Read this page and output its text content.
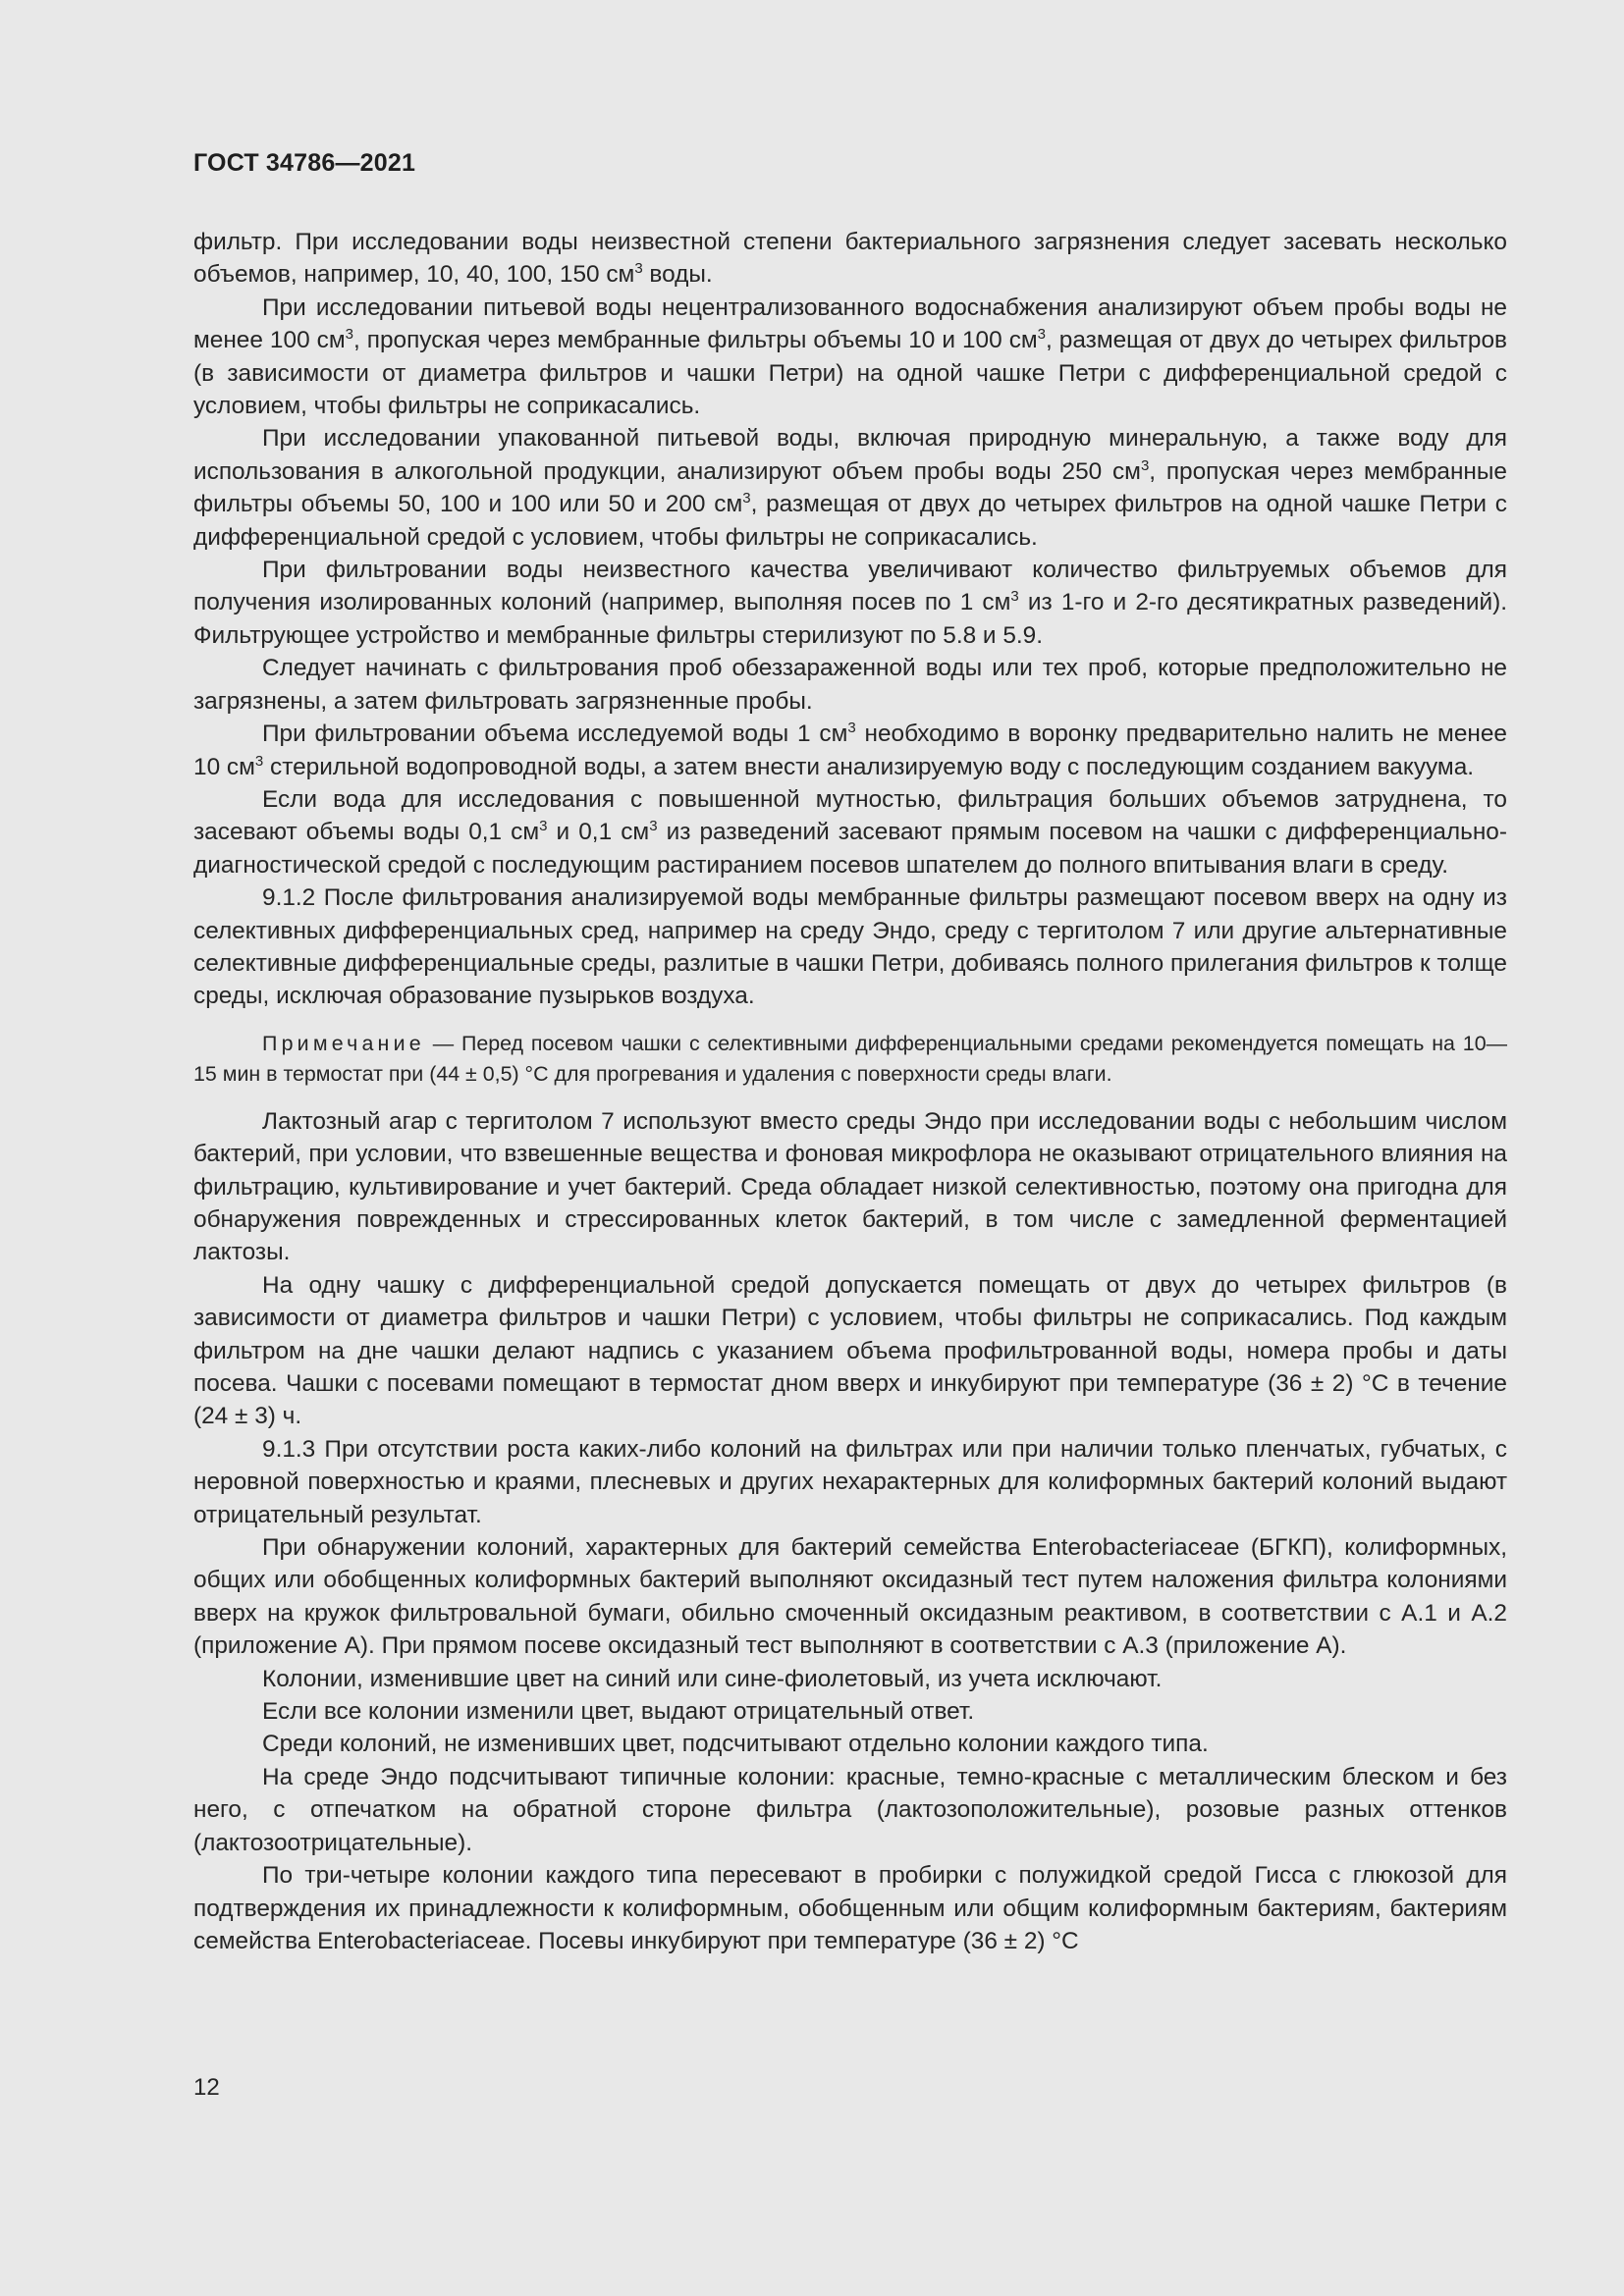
ГОСТ 34786—2021

фильтр. При исследовании воды неизвестной степени бактериального загрязнения следует засевать несколько объемов, например, 10, 40, 100, 150 $см^3$ воды.

При исследовании питьевой воды нецентрализованного водоснабжения анализируют объем пробы воды не менее 100 $см^3$, пропуская через мембранные фильтры объемы 10 и 100 $см^3$, размещая от двух до четырех фильтров (в зависимости от диаметра фильтров и чашки Петри) на одной чашке Петри с дифференциальной средой с условием, чтобы фильтры не соприкасались.

При исследовании упакованной питьевой воды, включая природную минеральную, а также воду для использования в алкогольной продукции, анализируют объем пробы воды 250 $см^3$, пропуская через мембранные фильтры объемы 50, 100 и 100 или 50 и 200 $см^3$, размещая от двух до четырех фильтров на одной чашке Петри с дифференциальной средой с условием, чтобы фильтры не соприкасались.

При фильтровании воды неизвестного качества увеличивают количество фильтруемых объемов для получения изолированных колоний (например, выполняя посев по 1 $см^3$ из 1-го и 2-го десятикратных разведений). Фильтрующее устройство и мембранные фильтры стерилизуют по 5.8 и 5.9.

Следует начинать с фильтрования проб обеззараженной воды или тех проб, которые предположительно не загрязнены, а затем фильтровать загрязненные пробы.

При фильтровании объема исследуемой воды 1 $см^3$ необходимо в воронку предварительно налить не менее 10 $см^3$ стерильной водопроводной воды, а затем внести анализируемую воду с последующим созданием вакуума.

Если вода для исследования с повышенной мутностью, фильтрация больших объемов затруднена, то засевают объемы воды 0,1 $см^3$ и 0,1 $см^3$ из разведений засевают прямым посевом на чашки с дифференциально-диагностической средой с последующим растиранием посевов шпателем до полного впитывания влаги в среду.

9.1.2 После фильтрования анализируемой воды мембранные фильтры размещают посевом вверх на одну из селективных дифференциальных сред, например на среду Эндо, среду с тергитолом 7 или другие альтернативные селективные дифференциальные среды, разлитые в чашки Петри, добиваясь полного прилегания фильтров к толще среды, исключая образование пузырьков воздуха.

Примечание — Перед посевом чашки с селективными дифференциальными средами рекомендуется помещать на 10—15 мин в термостат при (44 ± 0,5) °С для прогревания и удаления с поверхности среды влаги.

Лактозный агар с тергитолом 7 используют вместо среды Эндо при исследовании воды с небольшим числом бактерий, при условии, что взвешенные вещества и фоновая микрофлора не оказывают отрицательного влияния на фильтрацию, культивирование и учет бактерий. Среда обладает низкой селективностью, поэтому она пригодна для обнаружения поврежденных и стрессированных клеток бактерий, в том числе с замедленной ферментацией лактозы.

На одну чашку с дифференциальной средой допускается помещать от двух до четырех фильтров (в зависимости от диаметра фильтров и чашки Петри) с условием, чтобы фильтры не соприкасались. Под каждым фильтром на дне чашки делают надпись с указанием объема профильтрованной воды, номера пробы и даты посева. Чашки с посевами помещают в термостат дном вверх и инкубируют при температуре (36 ± 2) °С в течение (24 ± 3) ч.

9.1.3 При отсутствии роста каких-либо колоний на фильтрах или при наличии только пленчатых, губчатых, с неровной поверхностью и краями, плесневых и других нехарактерных для колиформных бактерий колоний выдают отрицательный результат.

При обнаружении колоний, характерных для бактерий семейства Enterobacteriaceae (БГКП), колиформных, общих или обобщенных колиформных бактерий выполняют оксидазный тест путем наложения фильтра колониями вверх на кружок фильтровальной бумаги, обильно смоченный оксидазным реактивом, в соответствии с А.1 и А.2 (приложение А). При прямом посеве оксидазный тест выполняют в соответствии с А.3 (приложение А).

Колонии, изменившие цвет на синий или сине-фиолетовый, из учета исключают.

Если все колонии изменили цвет, выдают отрицательный ответ.

Среди колоний, не изменивших цвет, подсчитывают отдельно колонии каждого типа.

На среде Эндо подсчитывают типичные колонии: красные, темно-красные с металлическим блеском и без него, с отпечатком на обратной стороне фильтра (лактозоположительные), розовые разных оттенков (лактозоотрицательные).

По три-четыре колонии каждого типа пересевают в пробирки с полужидкой средой Гисса с глюкозой для подтверждения их принадлежности к колиформным, обобщенным или общим колиформным бактериям, бактериям семейства Enterobacteriaceae. Посевы инкубируют при температуре (36 ± 2) °С

12
